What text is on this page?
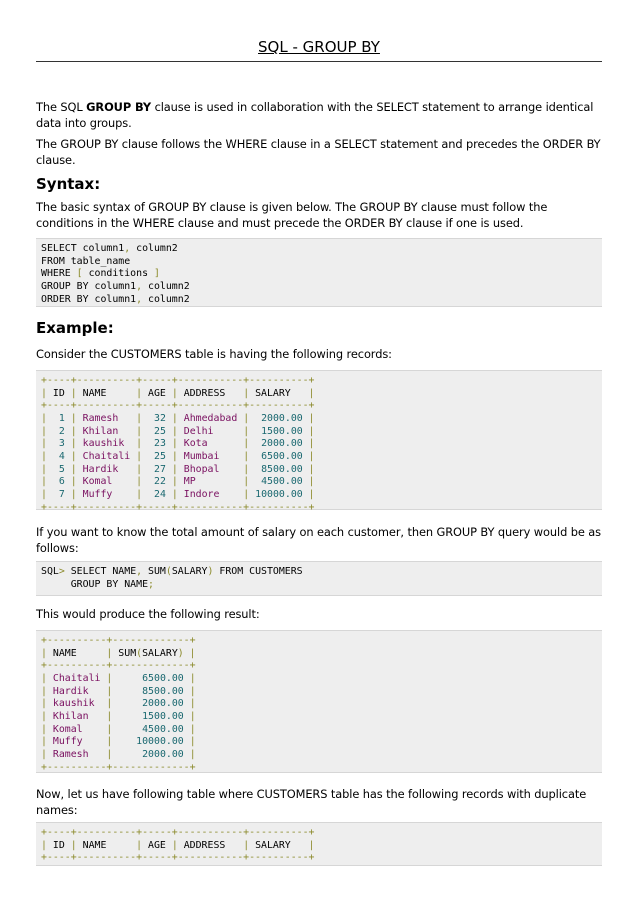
SQL - GROUP BY
The SQL GROUP BY clause is used in collaboration with the SELECT statement to arrange identical data into groups.
The GROUP BY clause follows the WHERE clause in a SELECT statement and precedes the ORDER BY clause.
Syntax:
The basic syntax of GROUP BY clause is given below. The GROUP BY clause must follow the conditions in the WHERE clause and must precede the ORDER BY clause if one is used.
SELECT column1, column2
FROM table_name
WHERE [ conditions ]
GROUP BY column1, column2
ORDER BY column1, column2
Example:
Consider the CUSTOMERS table is having the following records:
+----+----------+-----+-----------+----------+
| ID | NAME     | AGE | ADDRESS   | SALARY   |
+----+----------+-----+-----------+----------+
|  1 | Ramesh   |  32 | Ahmedabad |  2000.00 |
|  2 | Khilan   |  25 | Delhi     |  1500.00 |
|  3 | kaushik  |  23 | Kota      |  2000.00 |
|  4 | Chaitali |  25 | Mumbai    |  6500.00 |
|  5 | Hardik   |  27 | Bhopal    |  8500.00 |
|  6 | Komal    |  22 | MP        |  4500.00 |
|  7 | Muffy    |  24 | Indore    | 10000.00 |
+----+----------+-----+-----------+----------+
If you want to know the total amount of salary on each customer, then GROUP BY query would be as follows:
SQL> SELECT NAME, SUM(SALARY) FROM CUSTOMERS
GROUP BY NAME;
This would produce the following result:
+----------+-------------+
| NAME     | SUM(SALARY) |
+----------+-------------+
| Chaitali |     6500.00 |
| Hardik   |     8500.00 |
| kaushik  |     2000.00 |
| Khilan   |     1500.00 |
| Komal    |     4500.00 |
| Muffy    |    10000.00 |
| Ramesh   |     2000.00 |
+----------+-------------+
Now, let us have following table where CUSTOMERS table has the following records with duplicate names:
+----+----------+-----+-----------+----------+
| ID | NAME     | AGE | ADDRESS   | SALARY   |
+----+----------+-----+-----------+----------+
